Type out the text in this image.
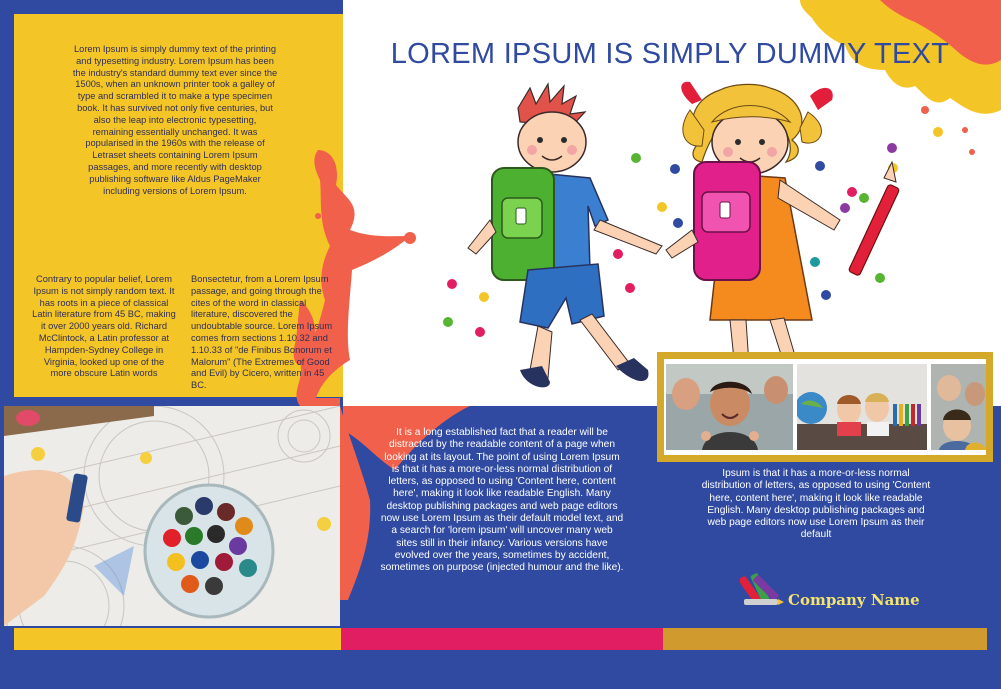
LOREM IPSUM IS SIMPLY DUMMY TEXT
Lorem Ipsum is simply dummy text of the printing and typesetting industry. Lorem Ipsum has been the industry's standard dummy text ever since the 1500s, when an unknown printer took a galley of type and scrambled it to make a type specimen book. It has survived not only five centuries, but also the leap into electronic typesetting, remaining essentially unchanged. It was popularised in the 1960s with the release of Letraset sheets containing Lorem Ipsum passages, and more recently with desktop publishing software like Aldus PageMaker including versions of Lorem Ipsum.
Contrary to popular belief, Lorem Ipsum is not simply random text. It has roots in a piece of classical Latin literature from 45 BC, making it over 2000 years old. Richard McClintock, a Latin professor at Hampden-Sydney College in Virginia, looked up one of the more obscure Latin words
Bonsectetur, from a Lorem Ipsum passage, and going through the cites of the word in classical literature, discovered the undoubtable source. Lorem Ipsum comes from sections 1.10.32 and 1.10.33 of "de Finibus Bonorum et Malorum" (The Extremes of Good and Evil) by Cicero, written in 45 BC.
It is a long established fact that a reader will be distracted by the readable content of a page when looking at its layout. The point of using Lorem Ipsum is that it has a more-or-less normal distribution of letters, as opposed to using 'Content here, content here', making it look like readable English. Many desktop publishing packages and web page editors now use Lorem Ipsum as their default model text, and a search for 'lorem ipsum' will uncover many web sites still in their infancy. Various versions have evolved over the years, sometimes by accident, sometimes on purpose (injected humour and the like).
Ipsum is that it has a more-or-less normal distribution of letters, as opposed to using 'Content here, content here', making it look like readable English. Many desktop publishing packages and web page editors now use Lorem Ipsum as their default
Company Name
